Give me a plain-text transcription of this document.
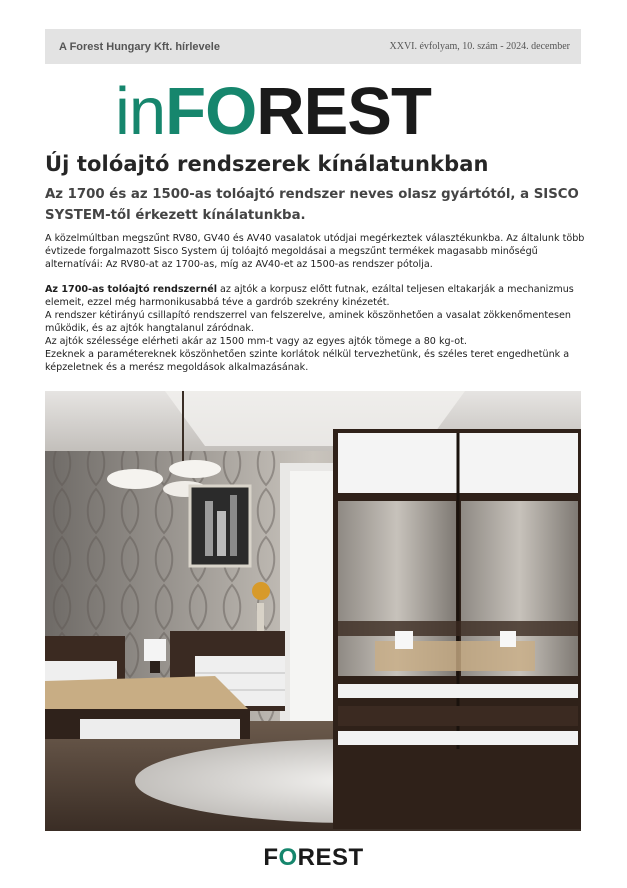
A Forest Hungary Kft. hírlevele	XXVI. évfolyam, 10. szám - 2024. december
inFOREST
Új tolóajtó rendszerek kínálatunkban

Az 1700 és az 1500-as tolóajtó rendszer neves olasz gyártótól, a SISCO SYSTEM-től érkezett kínálatunkba.

A közelmúltban megszűnt RV80, GV40 és AV40 vasalatok utódjai megérkeztek választékunkba. Az általunk több évtizede forgalmazott Sisco System új tolóajtó megoldásai a megszűnt termékek magasabb minőségű alternatívái: Az RV80-at az 1700-as, míg az AV40-et az 1500-as rendszer pótolja.

Az 1700-as tolóajtó rendszernél az ajtók a korpusz előtt futnak, ezáltal teljesen eltakarják a mechanizmus elemeit, ezzel még harmonikusabbá téve a gardrób szekrény kinézetét.

A rendszer kétirányú csillapító rendszerrel van felszerelve, aminek köszönhetően a vasalat zökkenőmentesen működik, és az ajtók hangtalanul záródnak.

Az ajtók szélessége elérheti akár az 1500 mm-t vagy az egyes ajtók tömege a 80 kg-ot.

Ezeknek a paramétereknek köszönhetően szinte korlátok nélkül tervezhetünk, és széles teret engedhetünk a képzeletnek és a merész megoldások alkalmazásának.

FOREST
